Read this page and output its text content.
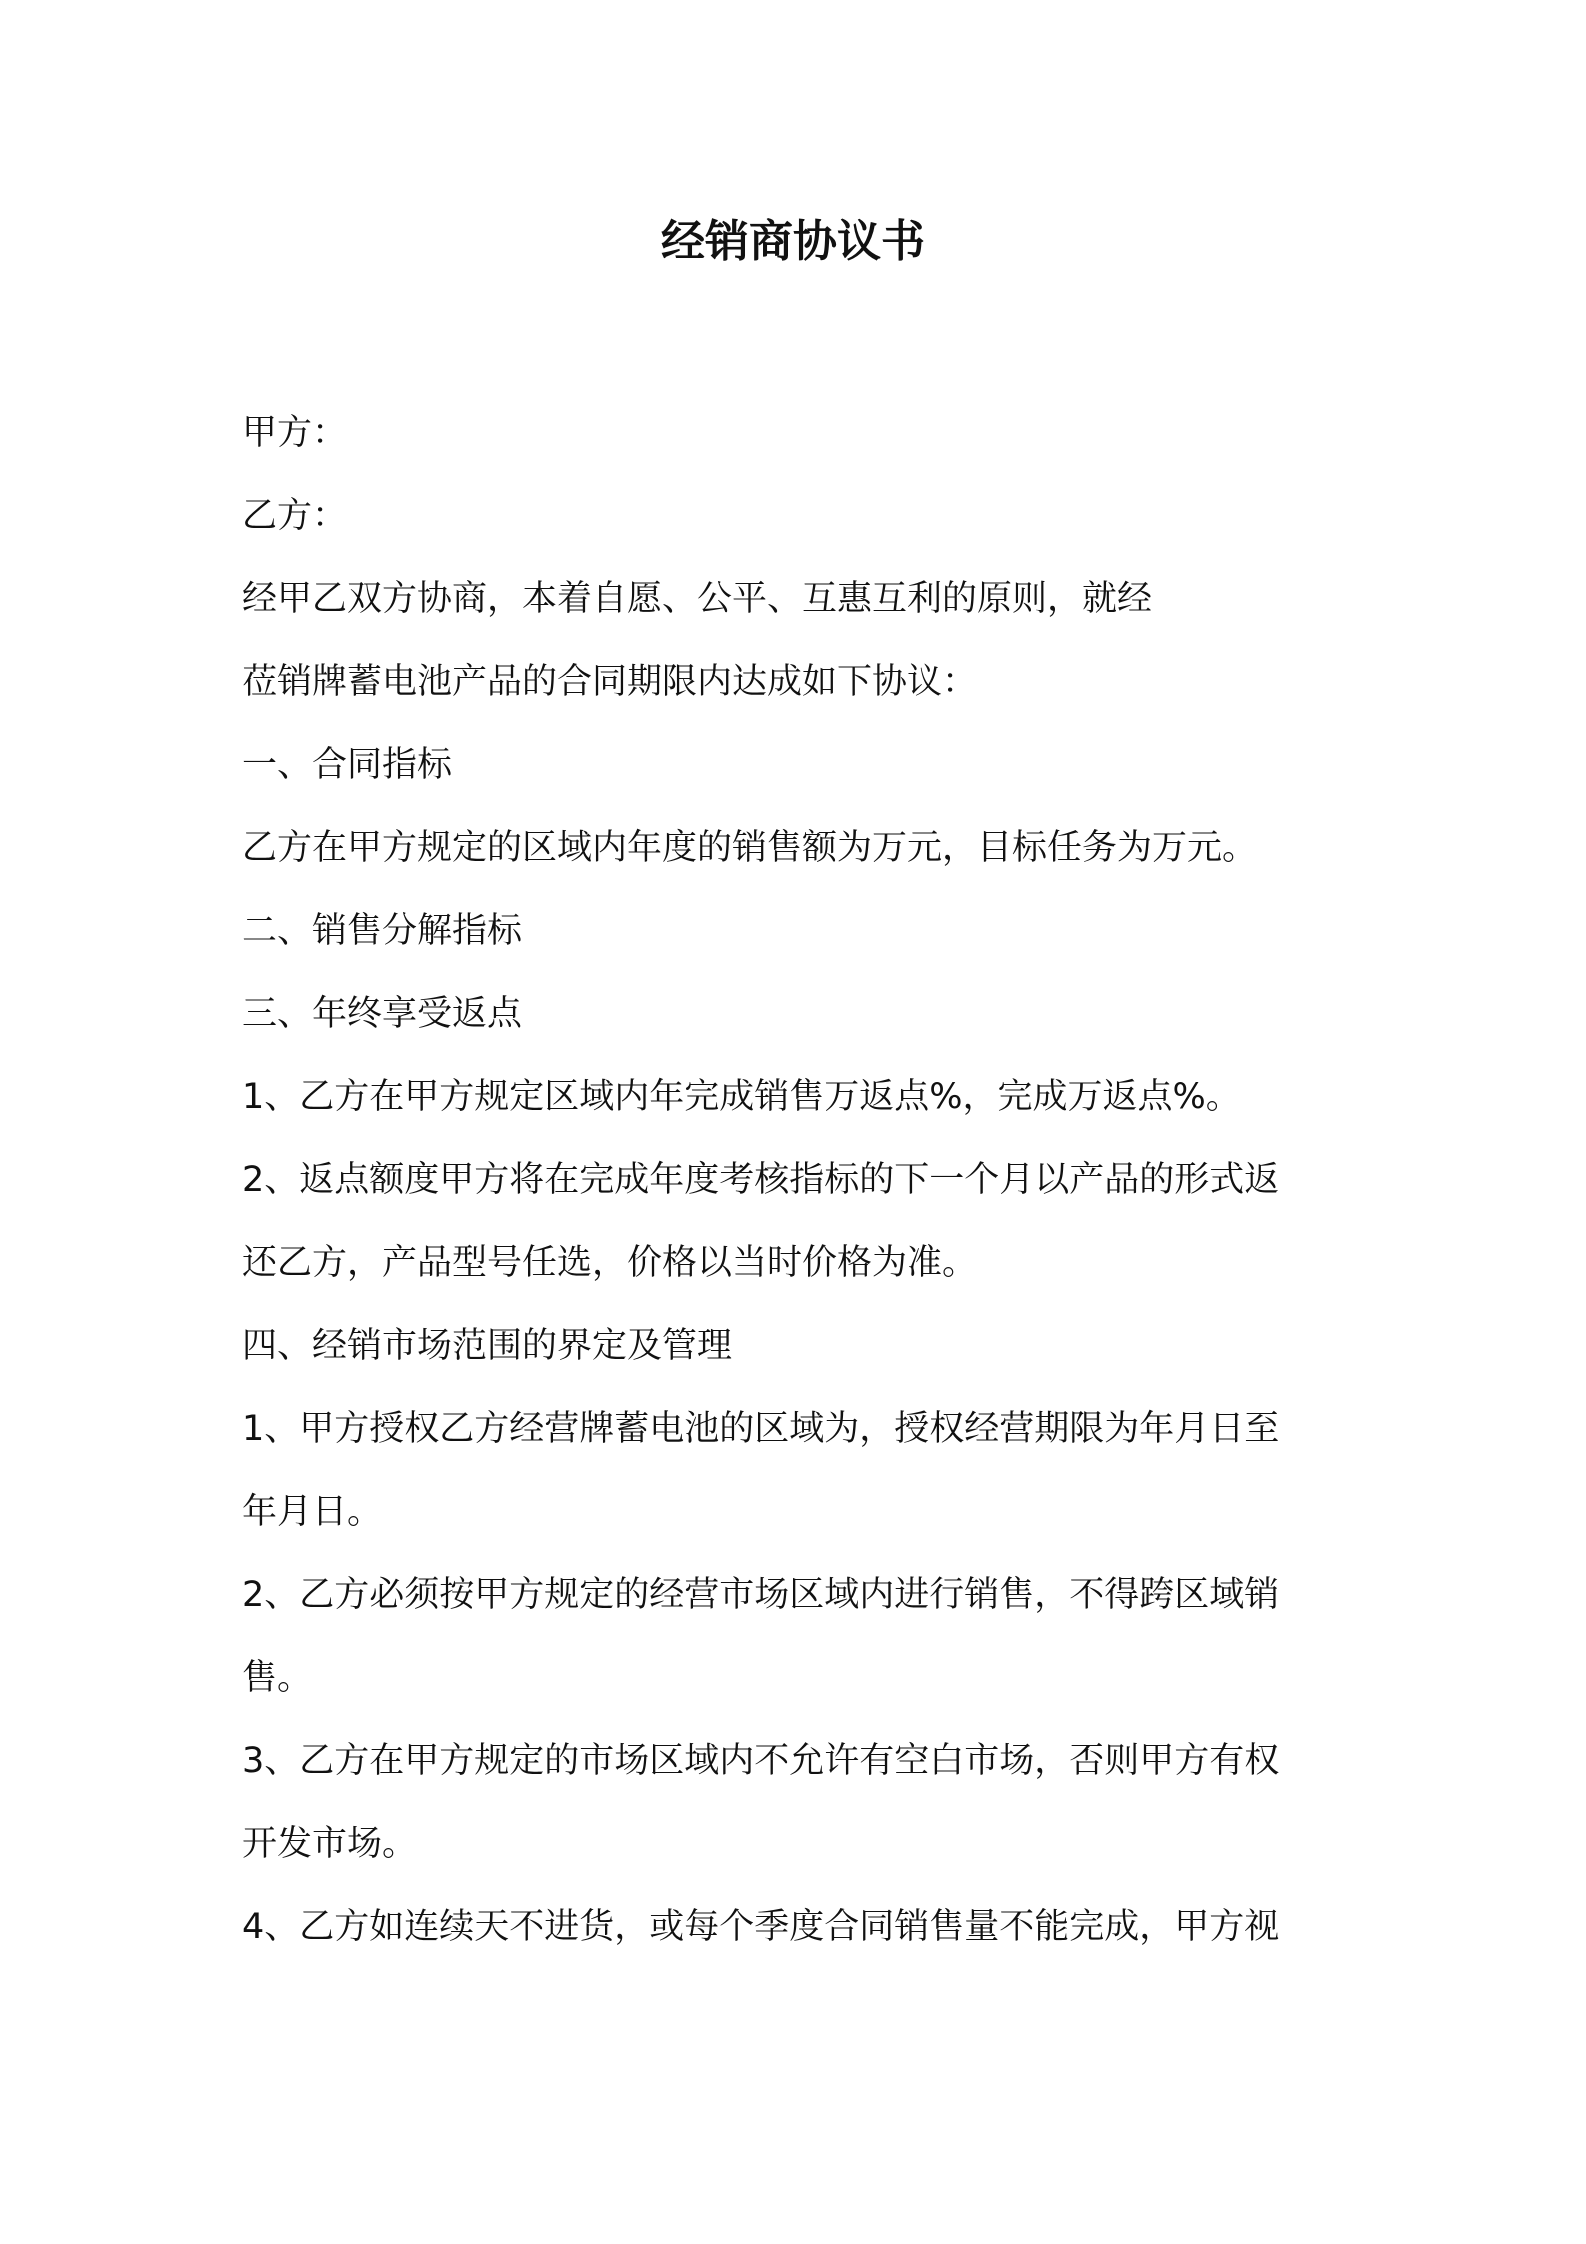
经销商协议书

甲方：

乙方：

经甲乙双方协商，本着自愿、公平、互惠互利的原则，就经

莅销牌蓄电池产品的合同期限内达成如下协议：

一、合同指标

乙方在甲方规定的区域内年度的销售额为万元，目标任务为万元。

二、销售分解指标

三、年终享受返点

1、乙方在甲方规定区域内年完成销售万返点%，完成万返点%。

2、返点额度甲方将在完成年度考核指标的下一个月以产品的形式返

还乙方，产品型号任选，价格以当时价格为准。

四、经销市场范围的界定及管理

1、甲方授权乙方经营牌蓄电池的区域为，授权经营期限为年月日至

年月日。

2、乙方必须按甲方规定的经营市场区域内进行销售，不得跨区域销

售。

3、乙方在甲方规定的市场区域内不允许有空白市场，否则甲方有权

开发市场。

4、乙方如连续天不进货，或每个季度合同销售量不能完成，甲方视
